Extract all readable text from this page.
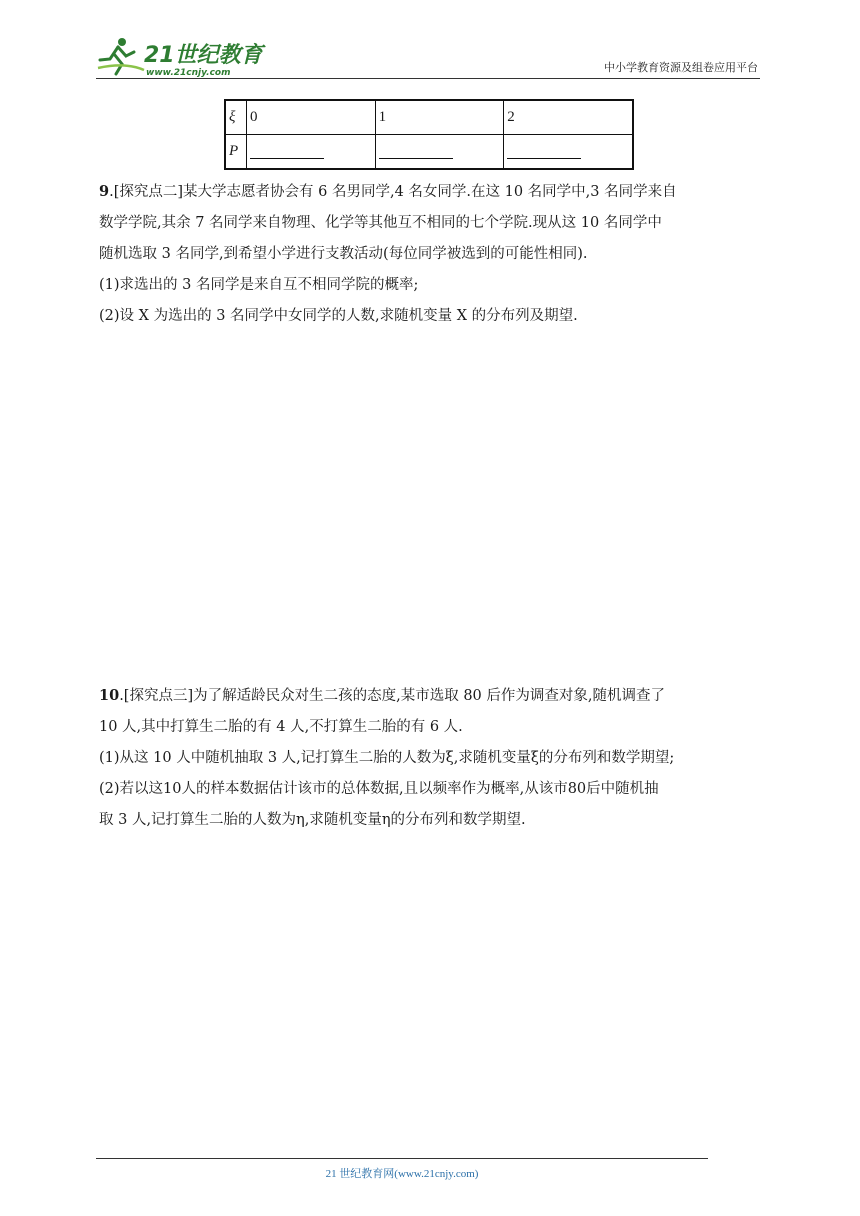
21世纪教育
www.21cnjy.com	中小学教育资源及组卷应用平台
ξ	0	1	2
P			

9.[探究点二]某大学志愿者协会有 6 名男同学,4 名女同学.在这 10 名同学中,3 名同学来自

数学学院,其余 7 名同学来自物理、化学等其他互不相同的七个学院.现从这 10 名同学中

随机选取 3 名同学,到希望小学进行支教活动(每位同学被选到的可能性相同).

(1)求选出的 3 名同学是来自互不相同学院的概率;

(2)设 X 为选出的 3 名同学中女同学的人数,求随机变量 X 的分布列及期望.

10.[探究点三]为了解适龄民众对生二孩的态度,某市选取 80 后作为调查对象,随机调查了

10 人,其中打算生二胎的有 4 人,不打算生二胎的有 6 人.

(1)从这 10 人中随机抽取 3 人,记打算生二胎的人数为ξ,求随机变量ξ的分布列和数学期望;

(2)若以这10人的样本数据估计该市的总体数据,且以频率作为概率,从该市80后中随机抽

取 3 人,记打算生二胎的人数为η,求随机变量η的分布列和数学期望.

21 世纪教育网(www.21cnjy.com)
